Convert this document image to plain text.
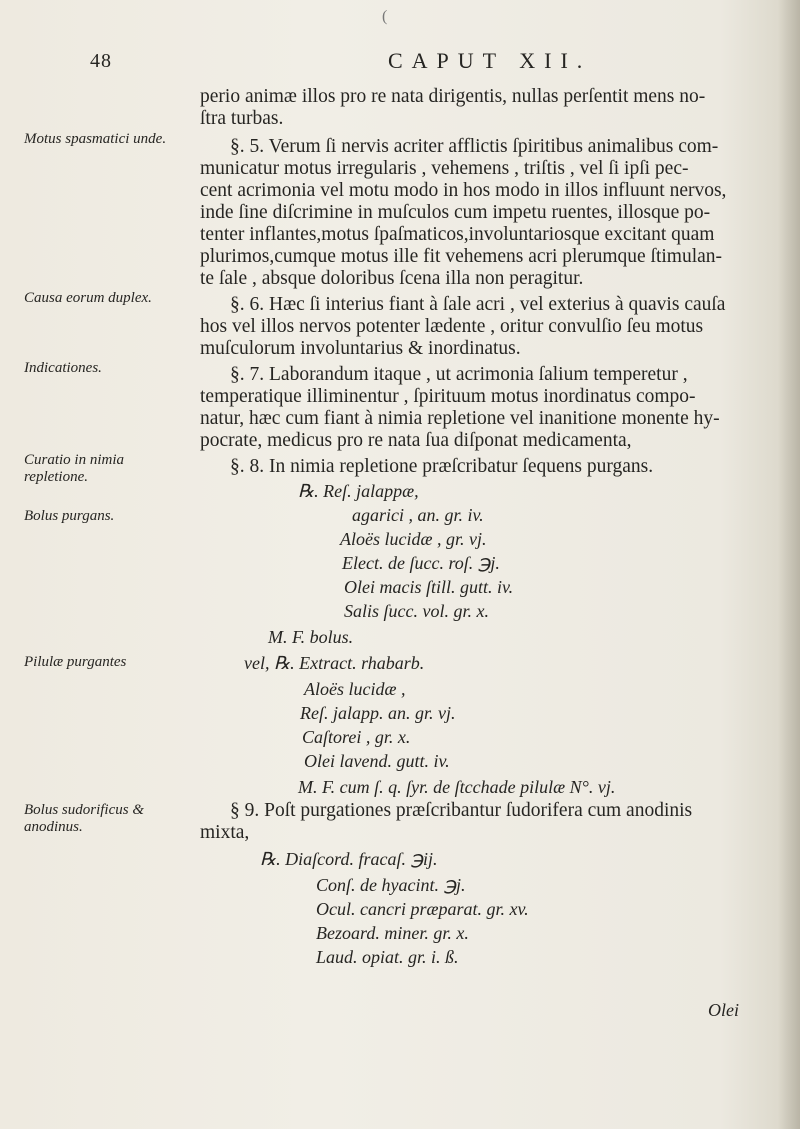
(
48	CAPUT XII.
perio animæ illos pro re nata dirigentis, nullas perſentit mens no-
ſtra turbas.
§. 5. Verum ſi nervis acriter afflictis ſpiritibus animalibus com-
municatur motus irregularis , vehemens , triſtis , vel ſi ipſi pec-
cent acrimonia vel motu modo in hos modo in illos influunt nervos,
inde ſine diſcrimine in muſculos cum impetu ruentes, illosque po-
tenter inflantes,motus ſpaſmaticos,involuntariosque excitant quam
plurimos,cumque motus ille fit vehemens acri plerumque ſtimulan-
te ſale , absque doloribus ſcena illa non peragitur.
§. 6. Hæc ſi interius fiant à ſale acri , vel exterius à quavis cauſa
hos vel illos nervos potenter lædente , oritur convulſio ſeu motus
muſculorum involuntarius & inordinatus.
§. 7. Laborandum itaque , ut acrimonia ſalium temperetur ,
temperatique illiminentur , ſpirituum motus inordinatus compo-
natur, hæc cum fiant à nimia repletione vel inanitione monente hy-
pocrate, medicus pro re nata ſua diſponat medicamenta,
§. 8. In nimia repletione præſcribatur ſequens purgans.
℞. Reſ. jalappæ,
agarici , an. gr. iv.
Aloës lucidæ , gr. vj.
Elect. de ſucc. roſ. ℈j.
Olei macis ſtill. gutt. iv.
Salis ſucc. vol. gr. x.
M. F. bolus.
vel, ℞. Extract. rhabarb.
Aloës lucidæ ,
Reſ. jalapp. an. gr. vj.
Caſtorei , gr. x.
Olei lavend. gutt. iv.
M. F. cum ſ. q. ſyr. de ſtcchade pilulæ N°. vj.
§ 9. Poſt purgationes præſcribantur ſudorifera cum anodinis
mixta,
℞. Diaſcord. fracaſ. ℈ij.
Conſ. de hyacint. ℈j.
Ocul. cancri præparat. gr. xv.
Bezoard. miner. gr. x.
Laud. opiat. gr. i. ß.
Motus spasmatici unde.
Causa eorum duplex.
Indicationes.
Curatio in nimia repletione.
Bolus purgans.
Pilulæ purgantes
Bolus sudorificus & anodinus.
Olei
